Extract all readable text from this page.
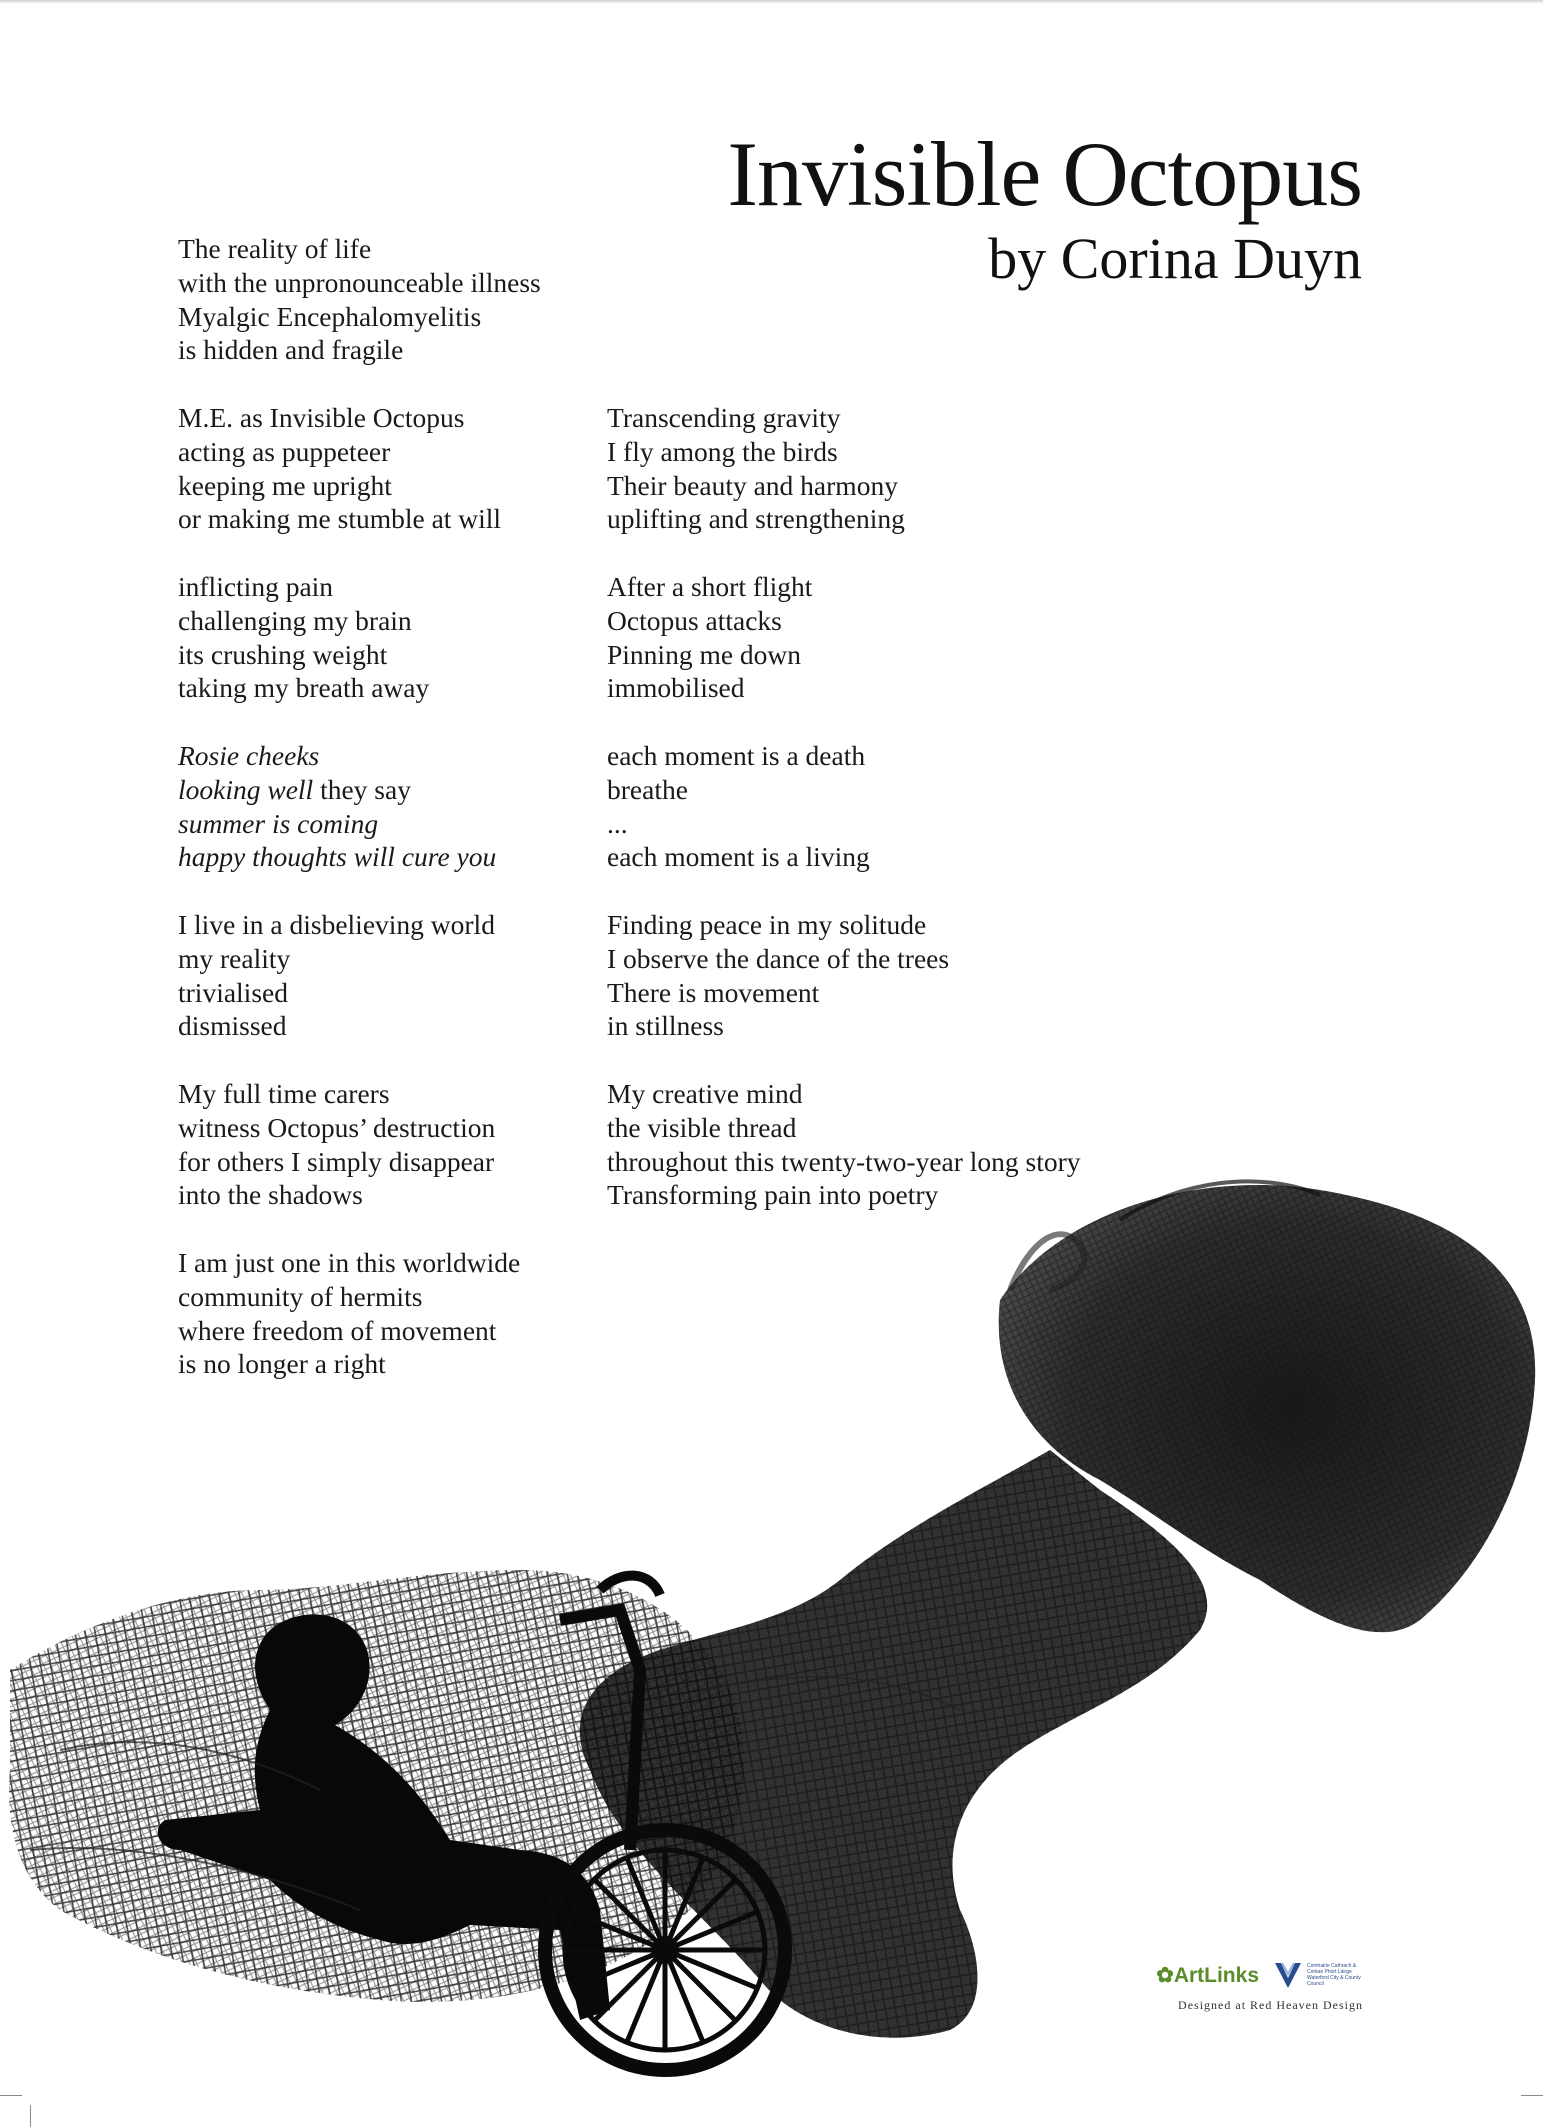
Invisible Octopus
by Corina Duyn
The reality of life
with the unpronounceable illness
Myalgic Encephalomyelitis
is hidden and fragile
M.E. as Invisible Octopus
acting as puppeteer
keeping me upright
or making me stumble at will
inflicting pain
challenging my brain
its crushing weight
taking my breath away
Rosie cheeks
looking well they say
summer is coming
happy thoughts will cure you
I live in a disbelieving world
my reality
trivialised
dismissed
My full time carers
witness Octopus’ destruction
for others I simply disappear
into the shadows
I am just one in this worldwide
community of hermits
where freedom of movement
is no longer a right
Transcending gravity
I fly among the birds
Their beauty and harmony
uplifting and strengthening
After a short flight
Octopus attacks
Pinning me down
immobilised
each moment is a death
breathe
...
each moment is a living
Finding peace in my solitude
I observe the dance of the trees
There is movement
in stillness
My creative mind
the visible thread
throughout this twenty-two-year long story
Transforming pain into poetry
✿ArtLinks	Comhairle Cathrach & Contae Phort Láirge Waterford City & County Council
Designed at Red Heaven Design
